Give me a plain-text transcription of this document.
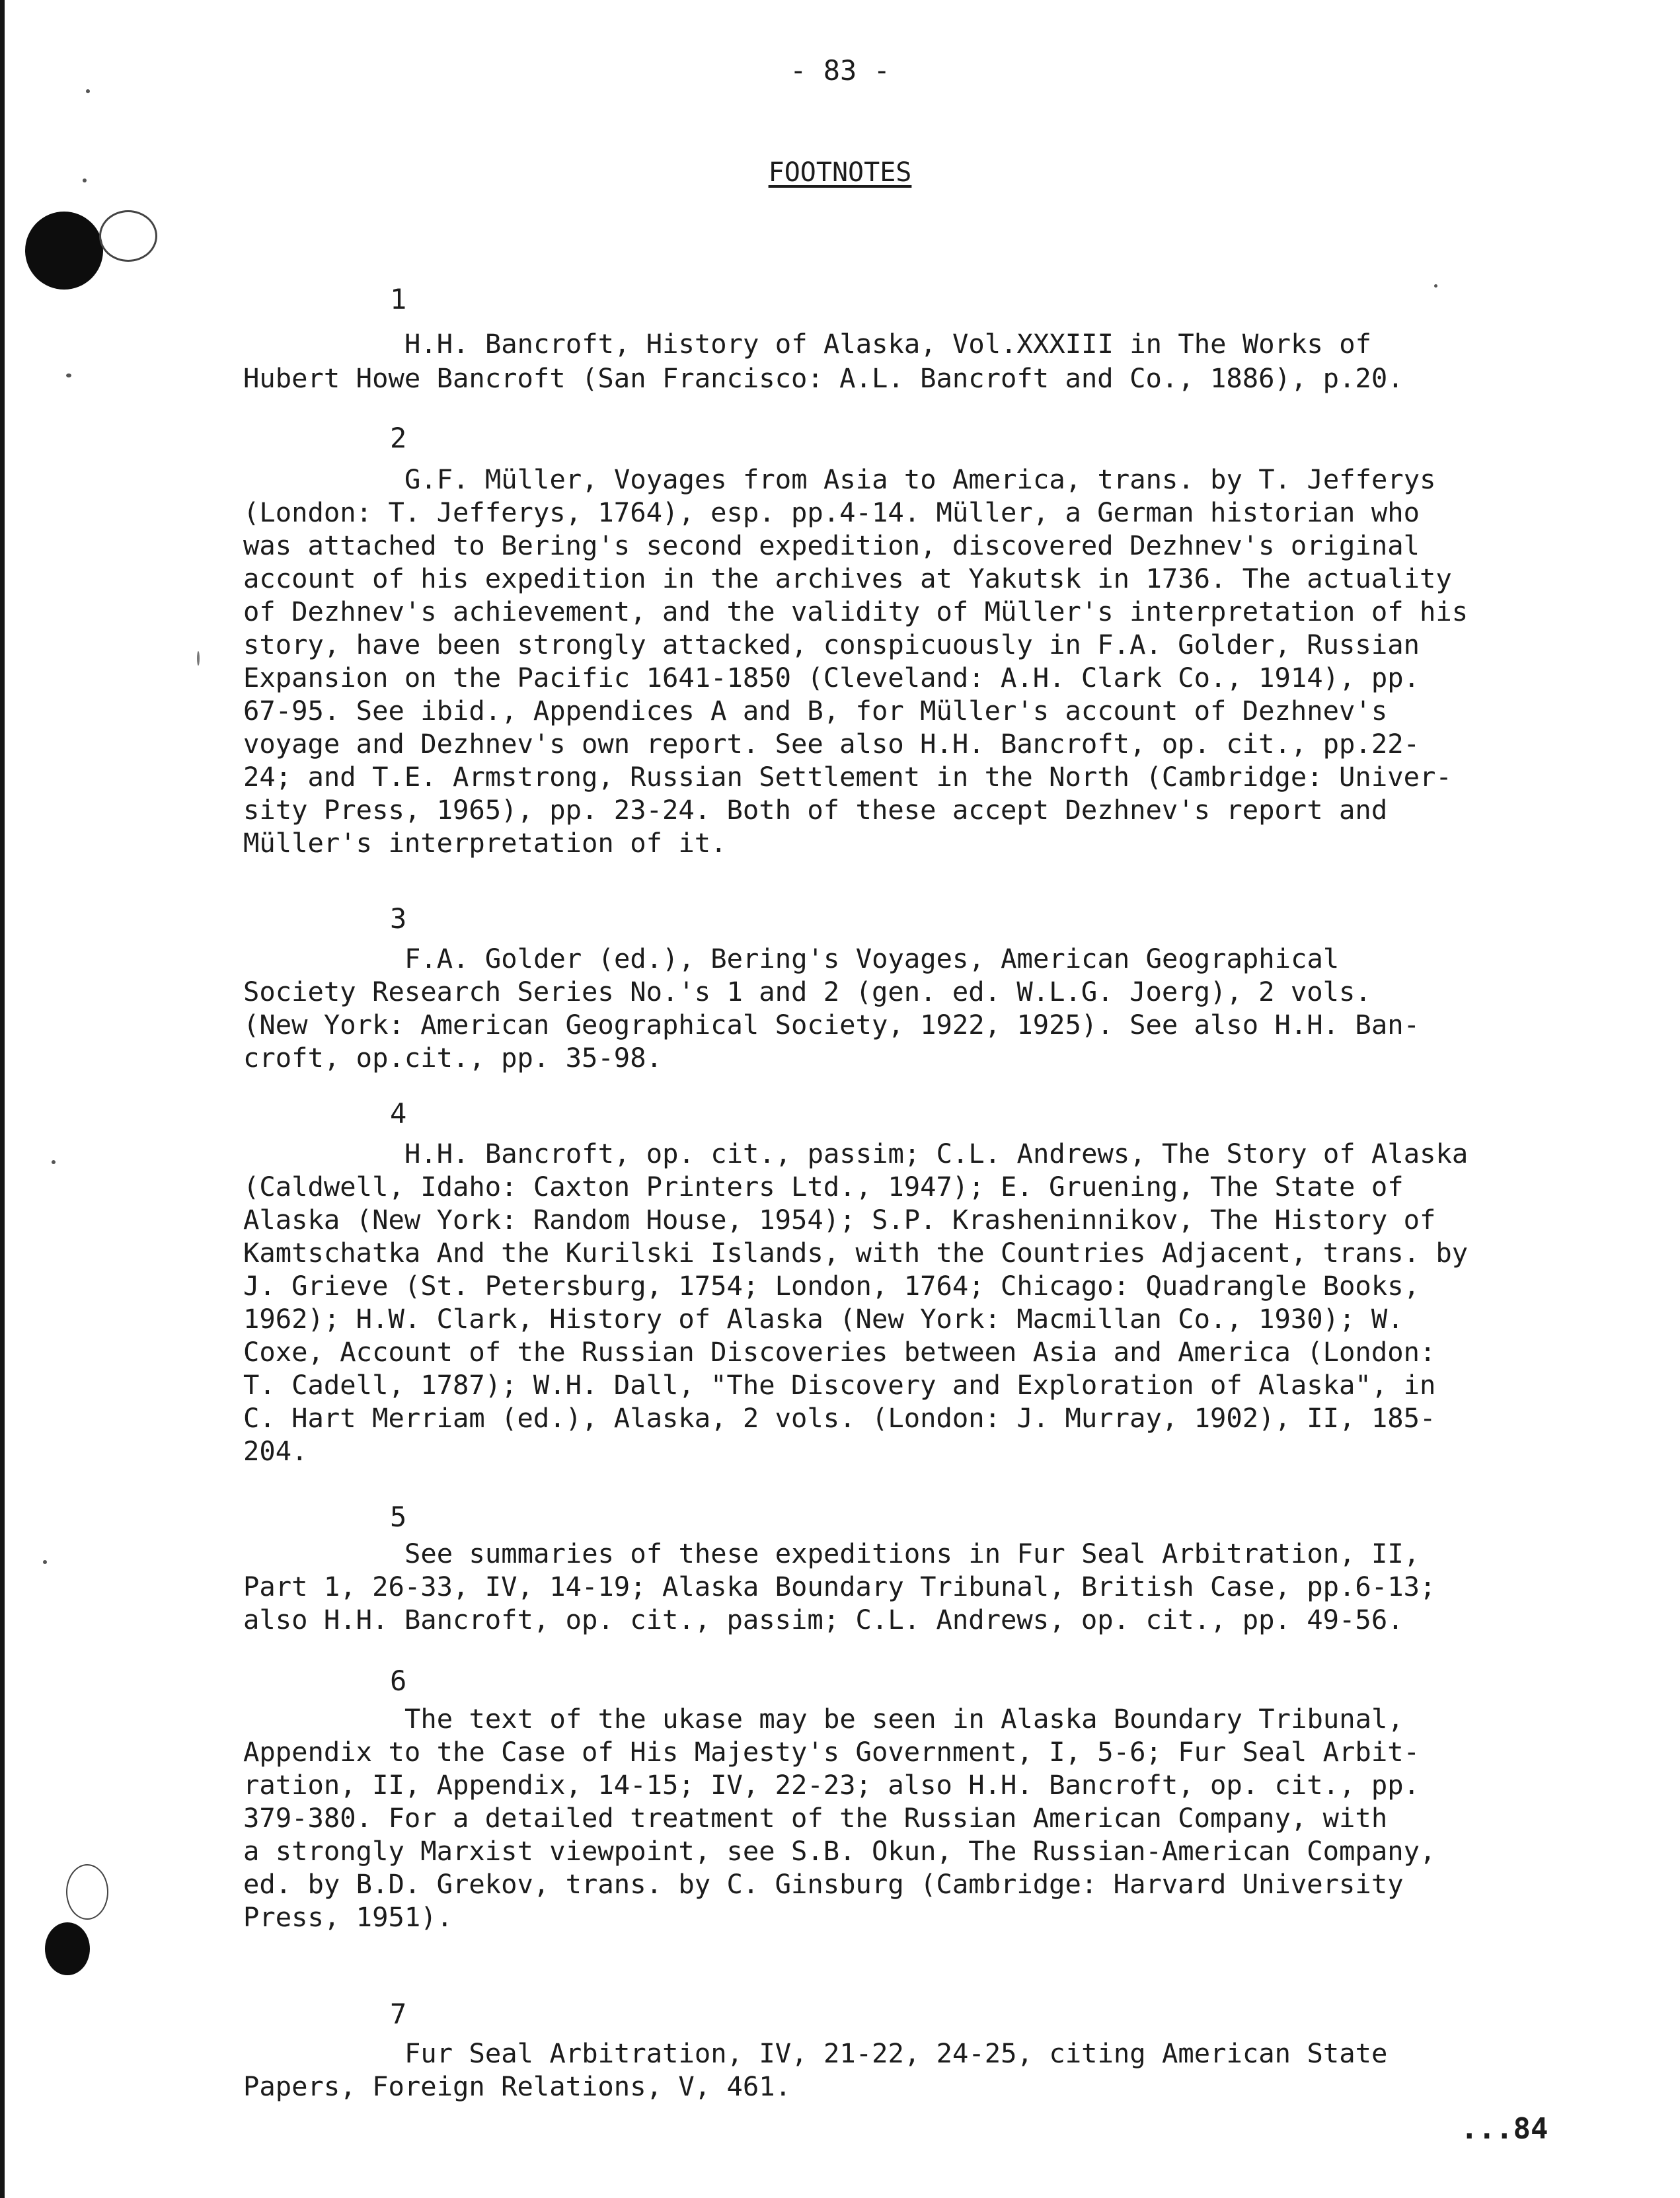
- 83 -
FOOTNOTES
1
H.H. Bancroft, History of Alaska, Vol.XXXIII in The Works of
Hubert Howe Bancroft (San Francisco: A.L. Bancroft and Co., 1886), p.20.
2
G.F. Müller, Voyages from Asia to America, trans. by T. Jefferys
(London: T. Jefferys, 1764), esp. pp.4-14. Müller, a German historian who
was attached to Bering's second expedition, discovered Dezhnev's original
account of his expedition in the archives at Yakutsk in 1736. The actuality
of Dezhnev's achievement, and the validity of Müller's interpretation of his
story, have been strongly attacked, conspicuously in F.A. Golder, Russian
Expansion on the Pacific 1641-1850 (Cleveland: A.H. Clark Co., 1914), pp.
67-95. See ibid., Appendices A and B, for Müller's account of Dezhnev's
voyage and Dezhnev's own report. See also H.H. Bancroft, op. cit., pp.22-
24; and T.E. Armstrong, Russian Settlement in the North (Cambridge: Univer-
sity Press, 1965), pp. 23-24. Both of these accept Dezhnev's report and
Müller's interpretation of it.
3
F.A. Golder (ed.), Bering's Voyages, American Geographical
Society Research Series No.'s 1 and 2 (gen. ed. W.L.G. Joerg), 2 vols.
(New York: American Geographical Society, 1922, 1925). See also H.H. Ban-
croft, op.cit., pp. 35-98.
4
H.H. Bancroft, op. cit., passim; C.L. Andrews, The Story of Alaska
(Caldwell, Idaho: Caxton Printers Ltd., 1947); E. Gruening, The State of
Alaska (New York: Random House, 1954); S.P. Krasheninnikov, The History of
Kamtschatka And the Kurilski Islands, with the Countries Adjacent, trans. by
J. Grieve (St. Petersburg, 1754; London, 1764; Chicago: Quadrangle Books,
1962); H.W. Clark, History of Alaska (New York: Macmillan Co., 1930); W.
Coxe, Account of the Russian Discoveries between Asia and America (London:
T. Cadell, 1787); W.H. Dall, "The Discovery and Exploration of Alaska", in
C. Hart Merriam (ed.), Alaska, 2 vols. (London: J. Murray, 1902), II, 185-
204.
5
See summaries of these expeditions in Fur Seal Arbitration, II,
Part 1, 26-33, IV, 14-19; Alaska Boundary Tribunal, British Case, pp.6-13;
also H.H. Bancroft, op. cit., passim; C.L. Andrews, op. cit., pp. 49-56.
6
The text of the ukase may be seen in Alaska Boundary Tribunal,
Appendix to the Case of His Majesty's Government, I, 5-6; Fur Seal Arbit-
ration, II, Appendix, 14-15; IV, 22-23; also H.H. Bancroft, op. cit., pp.
379-380. For a detailed treatment of the Russian American Company, with
a strongly Marxist viewpoint, see S.B. Okun, The Russian-American Company,
ed. by B.D. Grekov, trans. by C. Ginsburg (Cambridge: Harvard University
Press, 1951).
7
Fur Seal Arbitration, IV, 21-22, 24-25, citing American State
Papers, Foreign Relations, V, 461.
...84
